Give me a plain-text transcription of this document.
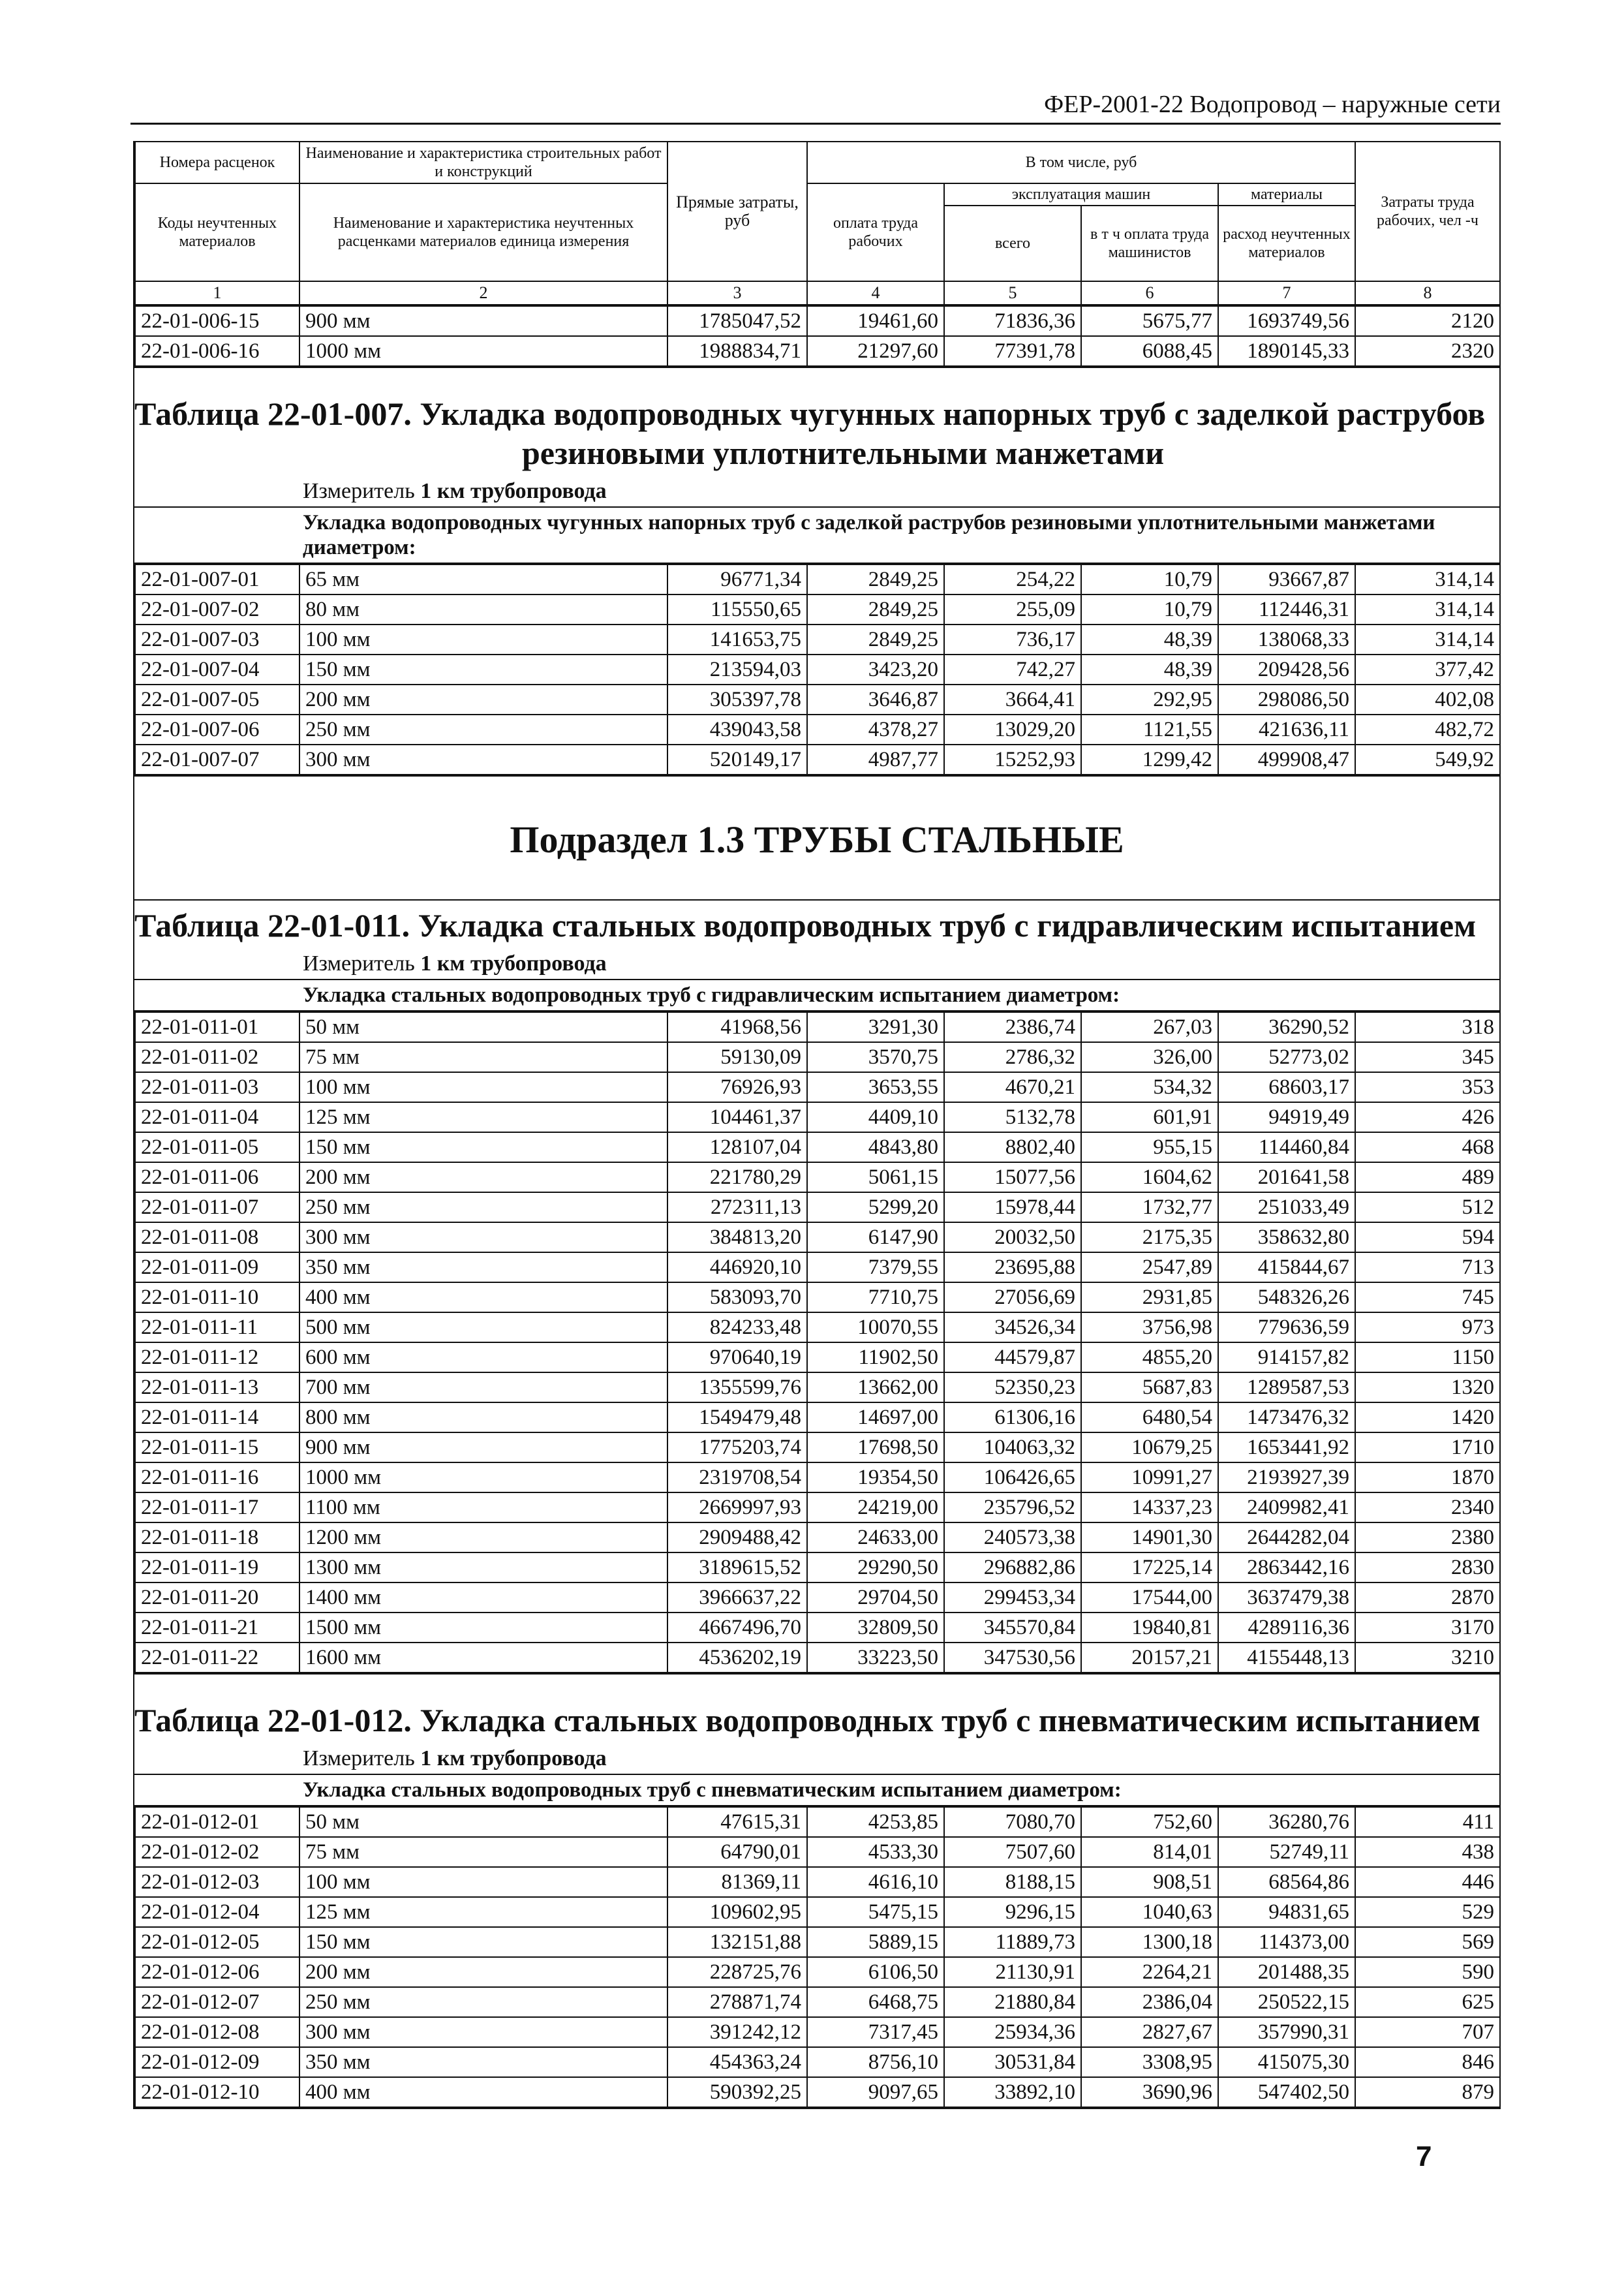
ФЕР-2001-22 Водопровод – наружные сети
Номера расценок	Наименование и характеристика строительных работ и конструкций	Прямые затраты, руб	В том числе, руб				Затраты труда рабочих, чел -ч
Коды неучтенных материалов	Наименование и характеристика неучтенных расценками материалов единица измерения		оплата труда рабочих	эксплуатация машин		материалы	
				всего	в т ч оплата труда машинистов	расход неучтенных материалов	
1	2	3	4	5	6	7	8
22-01-006-15	900 мм	1785047,52	19461,60	71836,36	5675,77	1693749,56	2120
22-01-006-16	1000 мм	1988834,71	21297,60	77391,78	6088,45	1890145,33	2320
Таблица 22-01-007. Укладка водопроводных чугунных напорных труб с заделкой раструбов
резиновыми уплотнительными манжетами
Измеритель 1 км трубопровода
Укладка водопроводных чугунных напорных труб с заделкой раструбов резиновыми уплотнительными манжетами диаметром:
22-01-007-01	65 мм	96771,34	2849,25	254,22	10,79	93667,87	314,14
22-01-007-02	80 мм	115550,65	2849,25	255,09	10,79	112446,31	314,14
22-01-007-03	100 мм	141653,75	2849,25	736,17	48,39	138068,33	314,14
22-01-007-04	150 мм	213594,03	3423,20	742,27	48,39	209428,56	377,42
22-01-007-05	200 мм	305397,78	3646,87	3664,41	292,95	298086,50	402,08
22-01-007-06	250 мм	439043,58	4378,27	13029,20	1121,55	421636,11	482,72
22-01-007-07	300 мм	520149,17	4987,77	15252,93	1299,42	499908,47	549,92
Подраздел 1.3 ТРУБЫ СТАЛЬНЫЕ
Таблица 22-01-011. Укладка стальных водопроводных труб с гидравлическим испытанием
Измеритель 1 км трубопровода
Укладка стальных водопроводных труб с гидравлическим испытанием диаметром:
22-01-011-01	50 мм	41968,56	3291,30	2386,74	267,03	36290,52	318
22-01-011-02	75 мм	59130,09	3570,75	2786,32	326,00	52773,02	345
22-01-011-03	100 мм	76926,93	3653,55	4670,21	534,32	68603,17	353
22-01-011-04	125 мм	104461,37	4409,10	5132,78	601,91	94919,49	426
22-01-011-05	150 мм	128107,04	4843,80	8802,40	955,15	114460,84	468
22-01-011-06	200 мм	221780,29	5061,15	15077,56	1604,62	201641,58	489
22-01-011-07	250 мм	272311,13	5299,20	15978,44	1732,77	251033,49	512
22-01-011-08	300 мм	384813,20	6147,90	20032,50	2175,35	358632,80	594
22-01-011-09	350 мм	446920,10	7379,55	23695,88	2547,89	415844,67	713
22-01-011-10	400 мм	583093,70	7710,75	27056,69	2931,85	548326,26	745
22-01-011-11	500 мм	824233,48	10070,55	34526,34	3756,98	779636,59	973
22-01-011-12	600 мм	970640,19	11902,50	44579,87	4855,20	914157,82	1150
22-01-011-13	700 мм	1355599,76	13662,00	52350,23	5687,83	1289587,53	1320
22-01-011-14	800 мм	1549479,48	14697,00	61306,16	6480,54	1473476,32	1420
22-01-011-15	900 мм	1775203,74	17698,50	104063,32	10679,25	1653441,92	1710
22-01-011-16	1000 мм	2319708,54	19354,50	106426,65	10991,27	2193927,39	1870
22-01-011-17	1100 мм	2669997,93	24219,00	235796,52	14337,23	2409982,41	2340
22-01-011-18	1200 мм	2909488,42	24633,00	240573,38	14901,30	2644282,04	2380
22-01-011-19	1300 мм	3189615,52	29290,50	296882,86	17225,14	2863442,16	2830
22-01-011-20	1400 мм	3966637,22	29704,50	299453,34	17544,00	3637479,38	2870
22-01-011-21	1500 мм	4667496,70	32809,50	345570,84	19840,81	4289116,36	3170
22-01-011-22	1600 мм	4536202,19	33223,50	347530,56	20157,21	4155448,13	3210
Таблица 22-01-012. Укладка стальных водопроводных труб с пневматическим испытанием
Измеритель 1 км трубопровода
Укладка стальных водопроводных труб с пневматическим испытанием диаметром:
22-01-012-01	50 мм	47615,31	4253,85	7080,70	752,60	36280,76	411
22-01-012-02	75 мм	64790,01	4533,30	7507,60	814,01	52749,11	438
22-01-012-03	100 мм	81369,11	4616,10	8188,15	908,51	68564,86	446
22-01-012-04	125 мм	109602,95	5475,15	9296,15	1040,63	94831,65	529
22-01-012-05	150 мм	132151,88	5889,15	11889,73	1300,18	114373,00	569
22-01-012-06	200 мм	228725,76	6106,50	21130,91	2264,21	201488,35	590
22-01-012-07	250 мм	278871,74	6468,75	21880,84	2386,04	250522,15	625
22-01-012-08	300 мм	391242,12	7317,45	25934,36	2827,67	357990,31	707
22-01-012-09	350 мм	454363,24	8756,10	30531,84	3308,95	415075,30	846
22-01-012-10	400 мм	590392,25	9097,65	33892,10	3690,96	547402,50	879
7
